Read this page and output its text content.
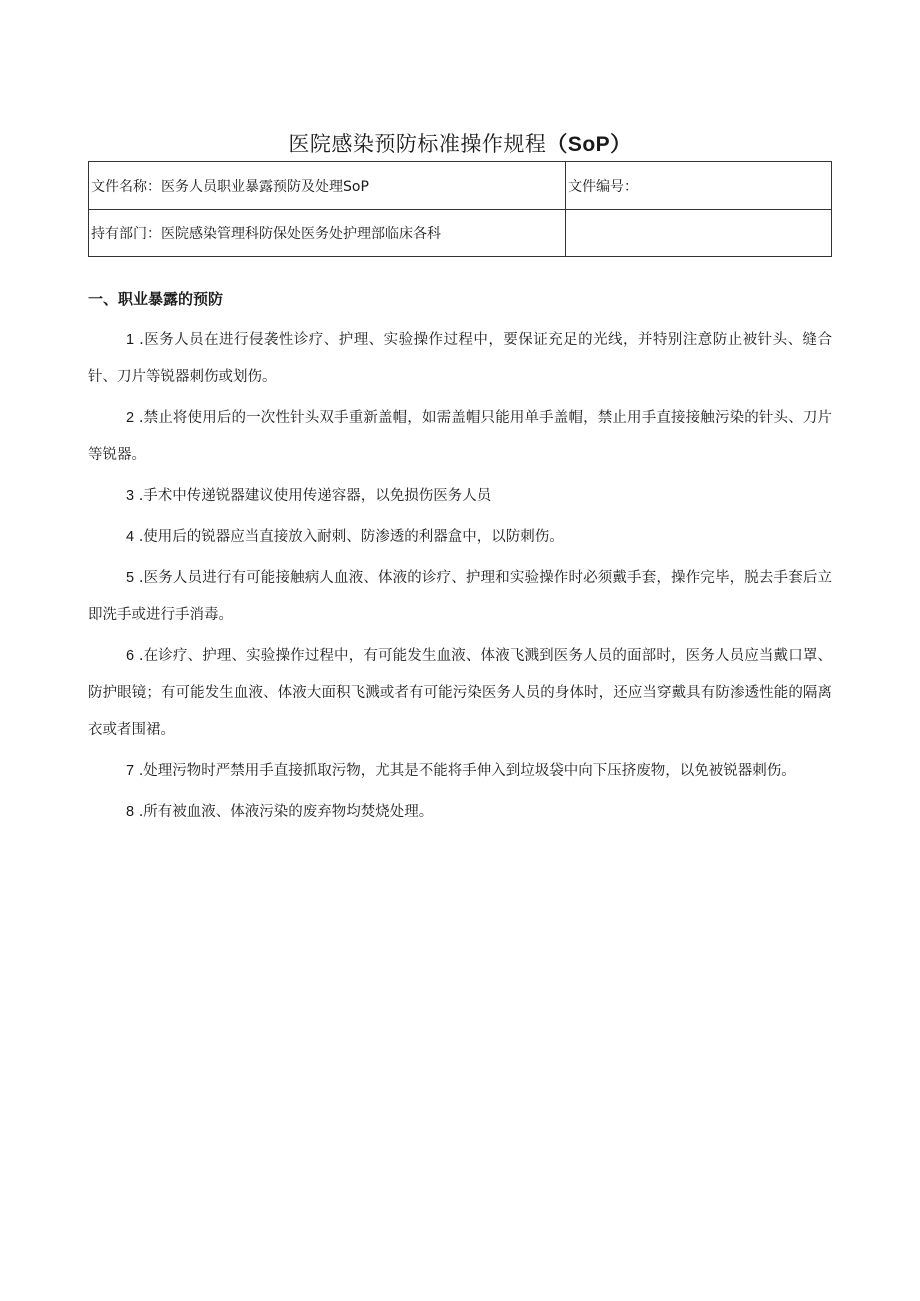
医院感染预防标准操作规程（SoP）
文件名称：医务人员职业暴露预防及处理SoP	文件编号：
持有部门：医院感染管理科防保处医务处护理部临床各科	
一、职业暴露的预防

1 .医务人员在进行侵袭性诊疗、护理、实验操作过程中，要保证充足的光线，并特别注意防止被针头、缝合针、刀片等锐器刺伤或划伤。

2 .禁止将使用后的一次性针头双手重新盖帽，如需盖帽只能用单手盖帽，禁止用手直接接触污染的针头、刀片等锐器。

3 .手术中传递锐器建议使用传递容器，以免损伤医务人员

4 .使用后的锐器应当直接放入耐刺、防渗透的利器盒中，以防刺伤。

5 .医务人员进行有可能接触病人血液、体液的诊疗、护理和实验操作时必须戴手套，操作完毕，脱去手套后立即洗手或进行手消毒。

6 .在诊疗、护理、实验操作过程中，有可能发生血液、体液飞溅到医务人员的面部时，医务人员应当戴口罩、防护眼镜；有可能发生血液、体液大面积飞溅或者有可能污染医务人员的身体时，还应当穿戴具有防渗透性能的隔离衣或者围裙。

7 .处理污物时严禁用手直接抓取污物，尤其是不能将手伸入到垃圾袋中向下压挤废物，以免被锐器刺伤。

8 .所有被血液、体液污染的废弃物均焚烧处理。
